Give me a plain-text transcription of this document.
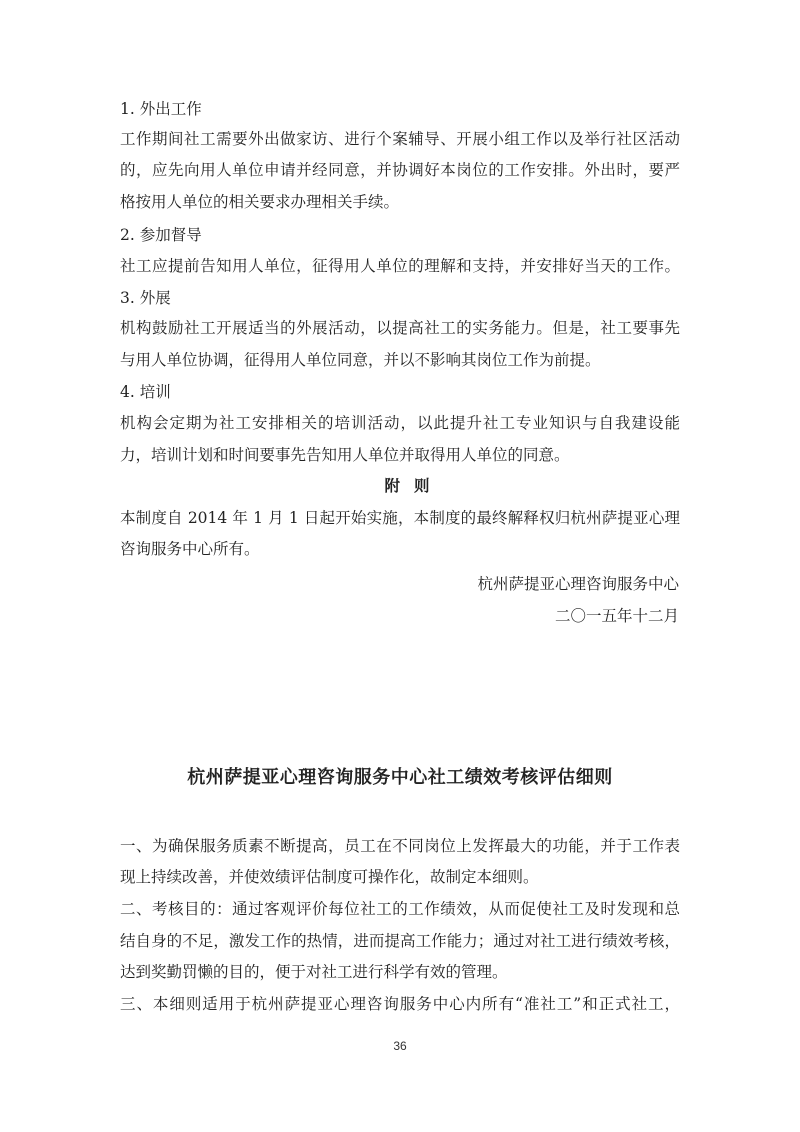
1. 外出工作
工作期间社工需要外出做家访、进行个案辅导、开展小组工作以及举行社区活动
的，应先向用人单位申请并经同意，并协调好本岗位的工作安排。外出时，要严
格按用人单位的相关要求办理相关手续。
2. 参加督导
社工应提前告知用人单位，征得用人单位的理解和支持，并安排好当天的工作。
3. 外展
机构鼓励社工开展适当的外展活动，以提高社工的实务能力。但是，社工要事先
与用人单位协调，征得用人单位同意，并以不影响其岗位工作为前提。
4. 培训
机构会定期为社工安排相关的培训活动，以此提升社工专业知识与自我建设能
力，培训计划和时间要事先告知用人单位并取得用人单位的同意。
附则
本制度自 2014 年 1 月 1 日起开始实施，本制度的最终解释权归杭州萨提亚心理
咨询服务中心所有。
杭州萨提亚心理咨询服务中心
二〇一五年十二月
杭州萨提亚心理咨询服务中心社工绩效考核评估细则
一、为确保服务质素不断提高，员工在不同岗位上发挥最大的功能，并于工作表
现上持续改善，并使效绩评估制度可操作化，故制定本细则。
二、考核目的：通过客观评价每位社工的工作绩效，从而促使社工及时发现和总
结自身的不足，激发工作的热情，进而提高工作能力；通过对社工进行绩效考核，
达到奖勤罚懒的目的，便于对社工进行科学有效的管理。
三、本细则适用于杭州萨提亚心理咨询服务中心内所有“准社工”和正式社工，
36
